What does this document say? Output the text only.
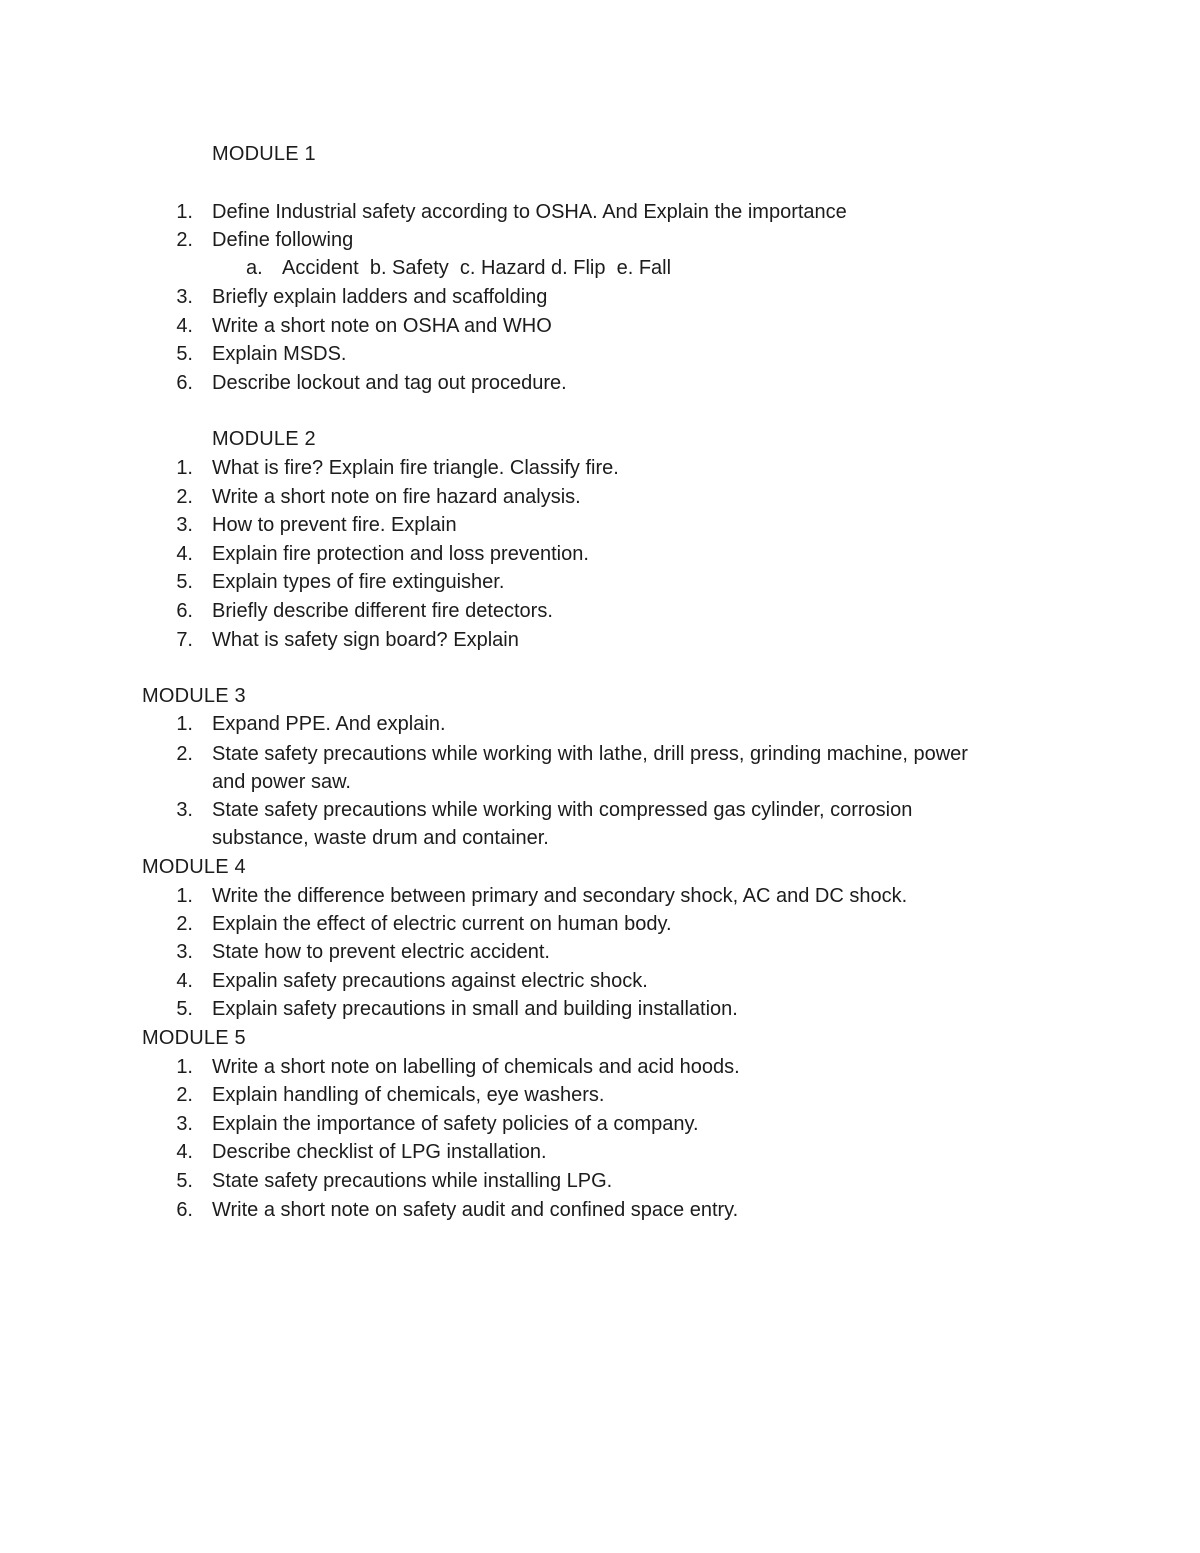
MODULE 1
1. Define Industrial safety according to OSHA. And Explain the importance
2. Define following
a. Accident  b. Safety  c. Hazard d. Flip  e. Fall
3. Briefly explain ladders and scaffolding
4. Write a short note on OSHA and WHO
5. Explain MSDS.
6. Describe lockout and tag out procedure.
MODULE 2
1. What is fire? Explain fire triangle. Classify fire.
2. Write a short note on fire hazard analysis.
3. How to prevent fire. Explain
4. Explain fire protection and loss prevention.
5. Explain types of fire extinguisher.
6. Briefly describe different fire detectors.
7. What is safety sign board? Explain
MODULE 3
1. Expand PPE. And explain.
2. State safety precautions while working with lathe, drill press, grinding machine, power
and power saw.
3. State safety precautions while working with compressed gas cylinder, corrosion
substance, waste drum and container.
MODULE 4
1. Write the difference between primary and secondary shock, AC and DC shock.
2. Explain the effect of electric current on human body.
3. State how to prevent electric accident.
4. Expalin safety precautions against electric shock.
5. Explain safety precautions in small and building installation.
MODULE 5
1. Write a short note on labelling of chemicals and acid hoods.
2. Explain handling of chemicals, eye washers.
3. Explain the importance of safety policies of a company.
4. Describe checklist of LPG installation.
5. State safety precautions while installing LPG.
6. Write a short note on safety audit and confined space entry.
